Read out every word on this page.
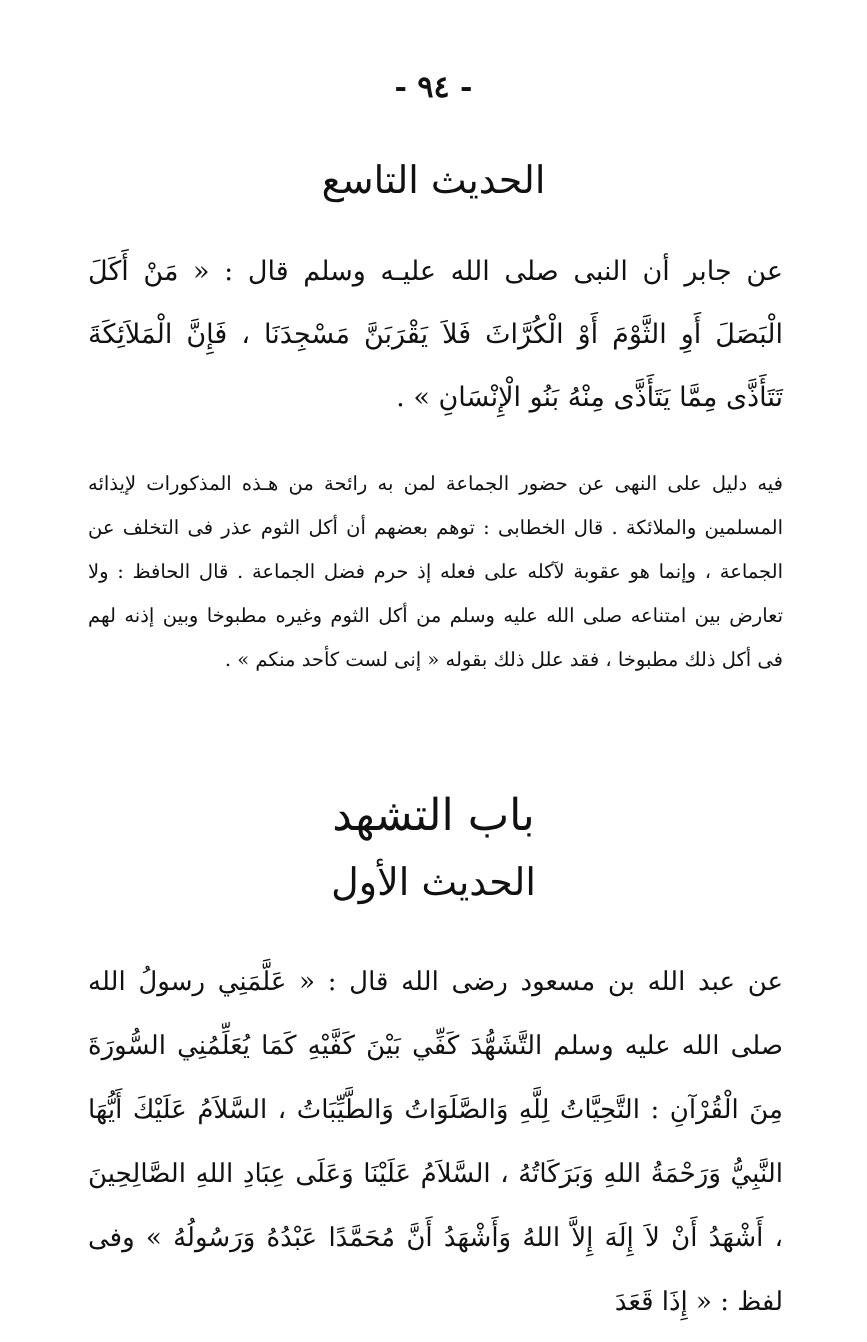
- ٩٤ -
الحديث التاسع

عن جابر أن النبى صلى الله عليـه وسلم قال : « مَنْ أَكَلَ الْبَصَلَ أَوِ الثَّوْمَ أَوْ الْكُرَّاثَ فَلاَ يَقْرَبَنَّ مَسْجِدَنَا ، فَإِنَّ الْمَلاَئِكَةَ تَتَأَذَّى مِمَّا يَتَأَذَّى مِنْهُ بَنُو الْإِنْسَانِ » .

فيه دليل على النهى عن حضور الجماعة لمن به رائحة من هـذه المذكورات لإيذائه المسلمين والملائكة . قال الخطابى : توهم بعضهم أن أكل الثوم عذر فى التخلف عن الجماعة ، وإنما هو عقوبة لآكله على فعله إذ حرم فضل الجماعة . قال الحافظ : ولا تعارض بين امتناعه صلى الله عليه وسلم من أكل الثوم وغيره مطبوخا وبين إذنه لهم فى أكل ذلك مطبوخا ، فقد علل ذلك بقوله « إنى لست كأحد منكم » .

باب التشهد
الحديث الأول

عن عبد الله بن مسعود رضى الله قال : « عَلَّمَنِي رسولُ الله صلى الله عليه وسلم التَّشَهُّدَ كَفِّي بَيْنَ كَفَّيْهِ كَمَا يُعَلِّمُنِي السُّورَةَ مِنَ الْقُرْآنِ : التَّحِيَّاتُ لِلَّهِ وَالصَّلَوَاتُ وَالطَّيِّبَاتُ ، السَّلاَمُ عَلَيْكَ أَيُّهَا النَّبِيُّ وَرَحْمَةُ اللهِ وَبَرَكَاتُهُ ، السَّلاَمُ عَلَيْنَا وَعَلَى عِبَادِ اللهِ الصَّالِحِينَ ، أَشْهَدُ أَنْ لاَ إِلَهَ إِلاَّ اللهُ وَأَشْهَدُ أَنَّ مُحَمَّدًا عَبْدُهُ وَرَسُولُهُ » وفى لفظ : « إِذَا قَعَدَ
